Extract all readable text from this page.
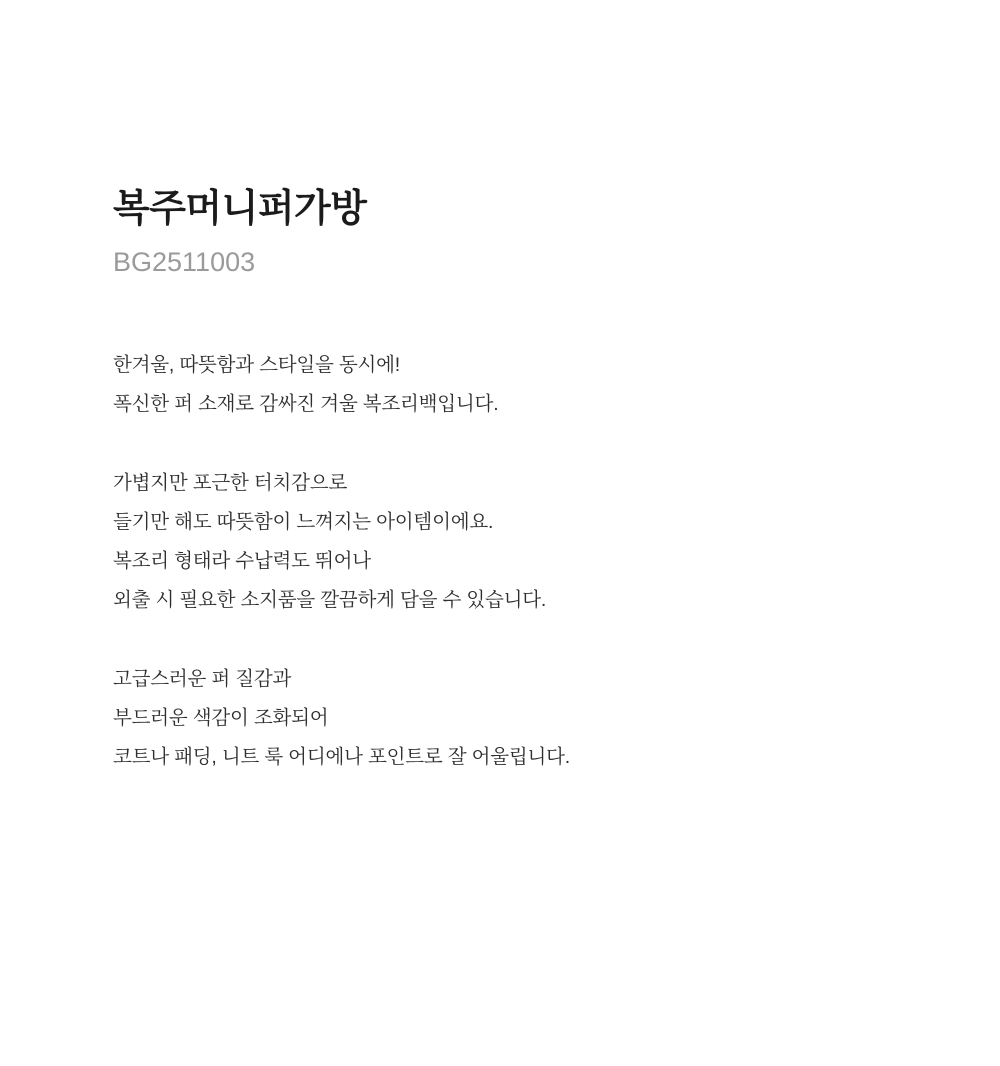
복주머니퍼가방
BG2511003
한겨울, 따뜻함과 스타일을 동시에!
폭신한 퍼 소재로 감싸진 겨울 복조리백입니다.
가볍지만 포근한 터치감으로
들기만 해도 따뜻함이 느껴지는 아이템이에요.
복조리 형태라 수납력도 뛰어나
외출 시 필요한 소지품을 깔끔하게 담을 수 있습니다.
고급스러운 퍼 질감과
부드러운 색감이 조화되어
코트나 패딩, 니트 룩 어디에나 포인트로 잘 어울립니다.
